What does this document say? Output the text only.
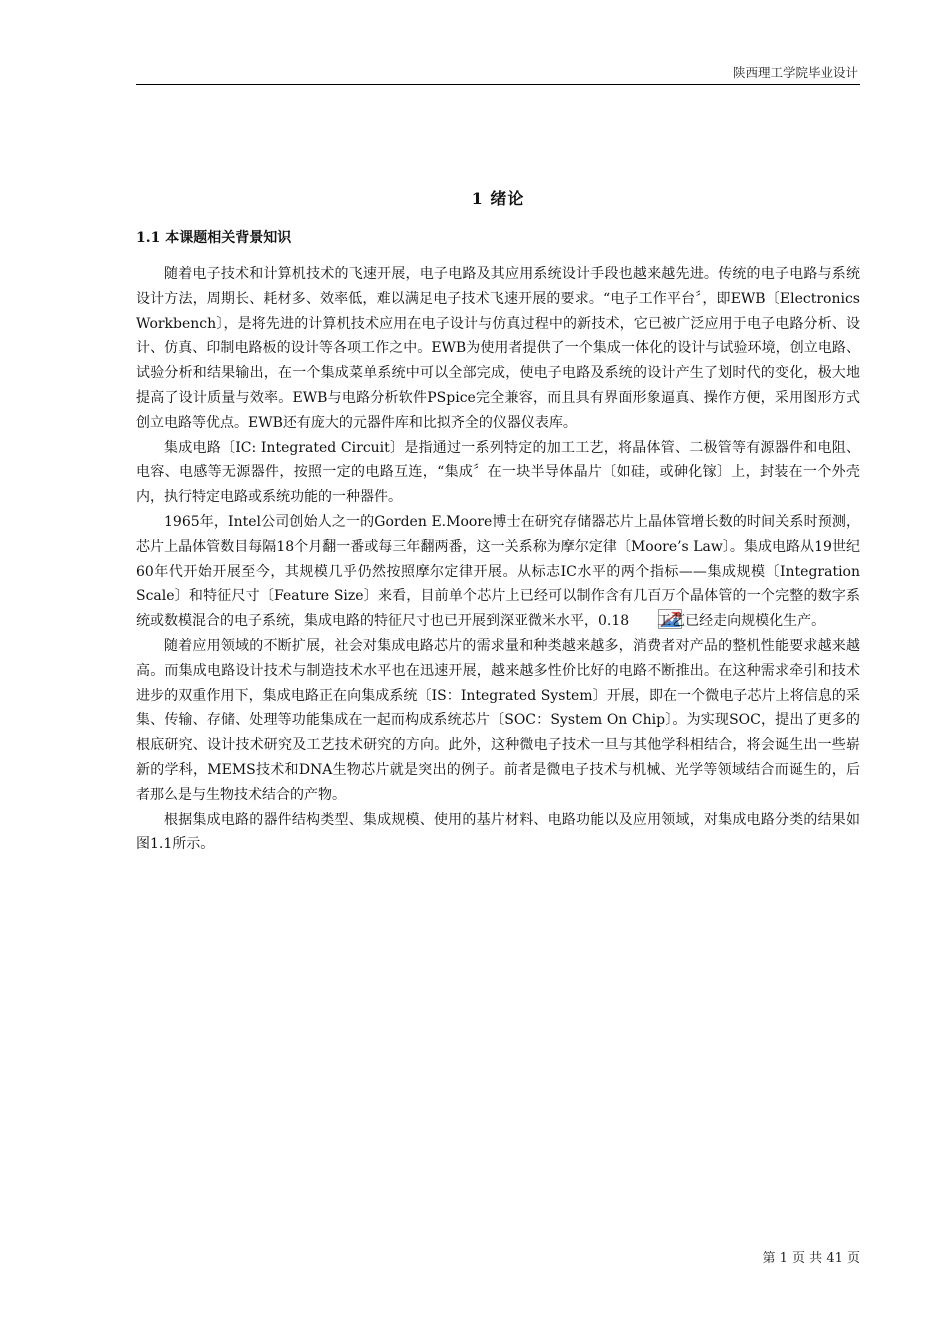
陕西理工学院毕业设计
1 绪论
1.1 本课题相关背景知识

随着电子技术和计算机技术的飞速开展，电子电路及其应用系统设计手段也越来越先进。传统的电子电路与系统设计方法，周期长、耗材多、效率低，难以满足电子技术飞速开展的要求。“电子工作平台〞，即EWB〔Electronics Workbench〕，是将先进的计算机技术应用在电子设计与仿真过程中的新技术，它已被广泛应用于电子电路分析、设计、仿真、印制电路板的设计等各项工作之中。EWB为使用者提供了一个集成一体化的设计与试验环境，创立电路、试验分析和结果输出，在一个集成菜单系统中可以全部完成，使电子电路及系统的设计产生了划时代的变化，极大地提高了设计质量与效率。EWB与电路分析软件PSpice完全兼容，而且具有界面形象逼真、操作方便，采用图形方式创立电路等优点。EWB还有庞大的元器件库和比拟齐全的仪器仪表库。

集成电路〔IC: Integrated Circuit〕是指通过一系列特定的加工工艺，将晶体管、二极管等有源器件和电阻、电容、电感等无源器件，按照一定的电路互连，“集成〞在一块半导体晶片〔如硅，或砷化镓〕上，封装在一个外壳内，执行特定电路或系统功能的一种器件。

1965年，Intel公司创始人之一的Gorden E.Moore博士在研究存储器芯片上晶体管增长数的时间关系时预测，芯片上晶体管数目每隔18个月翻一番或每三年翻两番，这一关系称为摩尔定律〔Moore’s Law〕。集成电路从19世纪60年代开始开展至今，其规模几乎仍然按照摩尔定律开展。从标志IC水平的两个指标——集成规模〔Integration Scale〕和特征尺寸〔Feature Size〕来看，目前单个芯片上已经可以制作含有几百万个晶体管的一个完整的数字系统或数模混合的电子系统，集成电路的特征尺寸也已开展到深亚微米水平，0.18 工艺已经走向规模化生产。

随着应用领域的不断扩展，社会对集成电路芯片的需求量和种类越来越多，消费者对产品的整机性能要求越来越高。而集成电路设计技术与制造技术水平也在迅速开展，越来越多性价比好的电路不断推出。在这种需求牵引和技术进步的双重作用下，集成电路正在向集成系统〔IS：Integrated System〕开展，即在一个微电子芯片上将信息的采集、传输、存储、处理等功能集成在一起而构成系统芯片〔SOC：System On Chip〕。为实现SOC，提出了更多的根底研究、设计技术研究及工艺技术研究的方向。此外，这种微电子技术一旦与其他学科相结合，将会诞生出一些崭新的学科，MEMS技术和DNA生物芯片就是突出的例子。前者是微电子技术与机械、光学等领域结合而诞生的，后者那么是与生物技术结合的产物。

根据集成电路的器件结构类型、集成规模、使用的基片材料、电路功能以及应用领域，对集成电路分类的结果如图1.1所示。

第 1 页 共 41 页
